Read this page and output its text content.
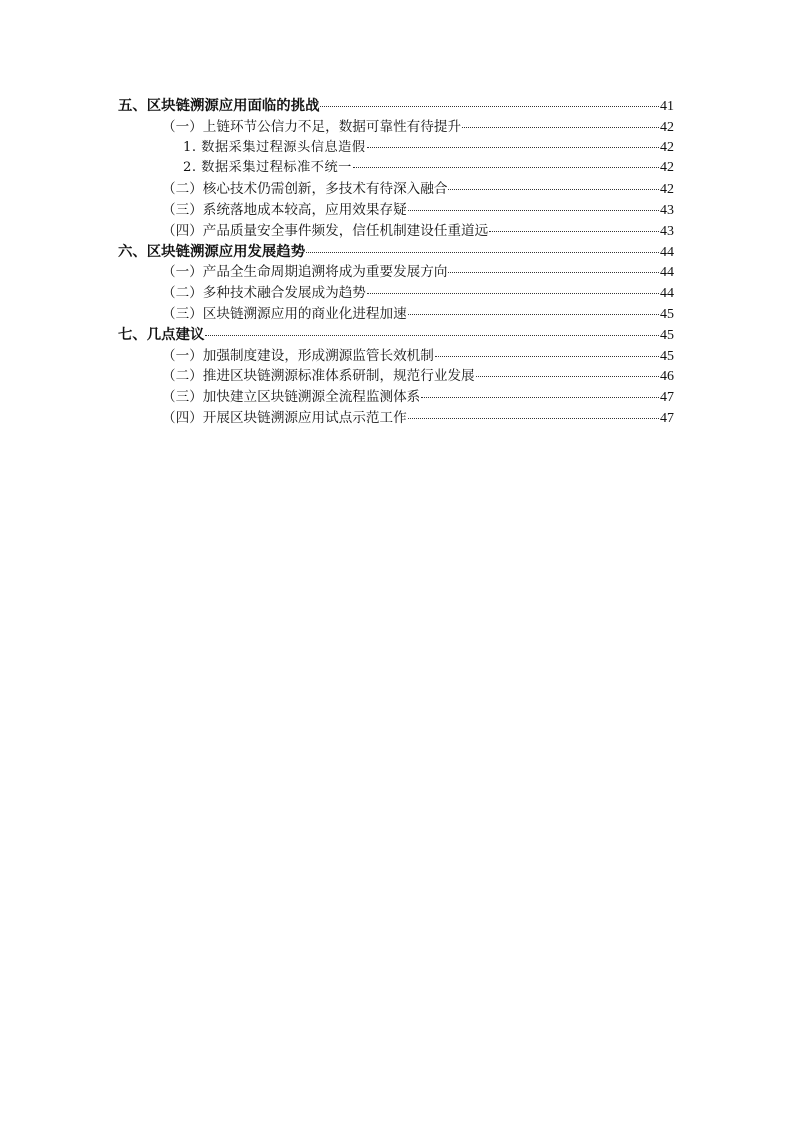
五、区块链溯源应用面临的挑战	41
（一）上链环节公信力不足，数据可靠性有待提升	42
1. 数据采集过程源头信息造假	42
2. 数据采集过程标准不统一	42
（二）核心技术仍需创新，多技术有待深入融合	42
（三）系统落地成本较高，应用效果存疑	43
（四）产品质量安全事件频发，信任机制建设任重道远	43
六、区块链溯源应用发展趋势	44
（一）产品全生命周期追溯将成为重要发展方向	44
（二）多种技术融合发展成为趋势	44
（三）区块链溯源应用的商业化进程加速	45
七、几点建议	45
（一）加强制度建设，形成溯源监管长效机制	45
（二）推进区块链溯源标准体系研制，规范行业发展	46
（三）加快建立区块链溯源全流程监测体系	47
（四）开展区块链溯源应用试点示范工作	47
